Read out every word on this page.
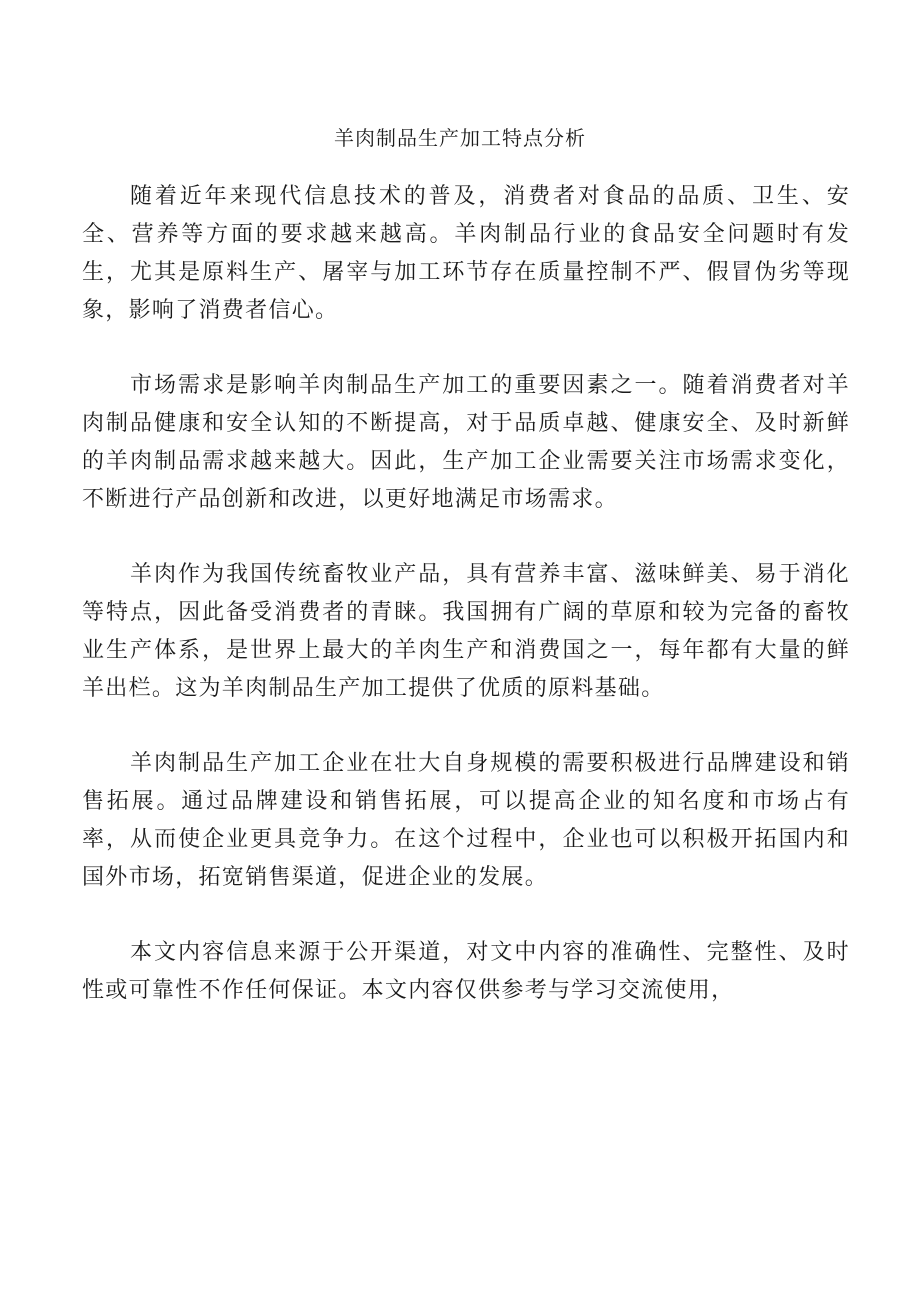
羊肉制品生产加工特点分析

随着近年来现代信息技术的普及，消费者对食品的品质、卫生、安全、营养等方面的要求越来越高。羊肉制品行业的食品安全问题时有发生，尤其是原料生产、屠宰与加工环节存在质量控制不严、假冒伪劣等现象，影响了消费者信心。

市场需求是影响羊肉制品生产加工的重要因素之一。随着消费者对羊肉制品健康和安全认知的不断提高，对于品质卓越、健康安全、及时新鲜的羊肉制品需求越来越大。因此，生产加工企业需要关注市场需求变化，不断进行产品创新和改进，以更好地满足市场需求。

羊肉作为我国传统畜牧业产品，具有营养丰富、滋味鲜美、易于消化等特点，因此备受消费者的青睐。我国拥有广阔的草原和较为完备的畜牧业生产体系，是世界上最大的羊肉生产和消费国之一，每年都有大量的鲜羊出栏。这为羊肉制品生产加工提供了优质的原料基础。

羊肉制品生产加工企业在壮大自身规模的需要积极进行品牌建设和销售拓展。通过品牌建设和销售拓展，可以提高企业的知名度和市场占有率，从而使企业更具竞争力。在这个过程中，企业也可以积极开拓国内和国外市场，拓宽销售渠道，促进企业的发展。

本文内容信息来源于公开渠道，对文中内容的准确性、完整性、及时性或可靠性不作任何保证。本文内容仅供参考与学习交流使用，
